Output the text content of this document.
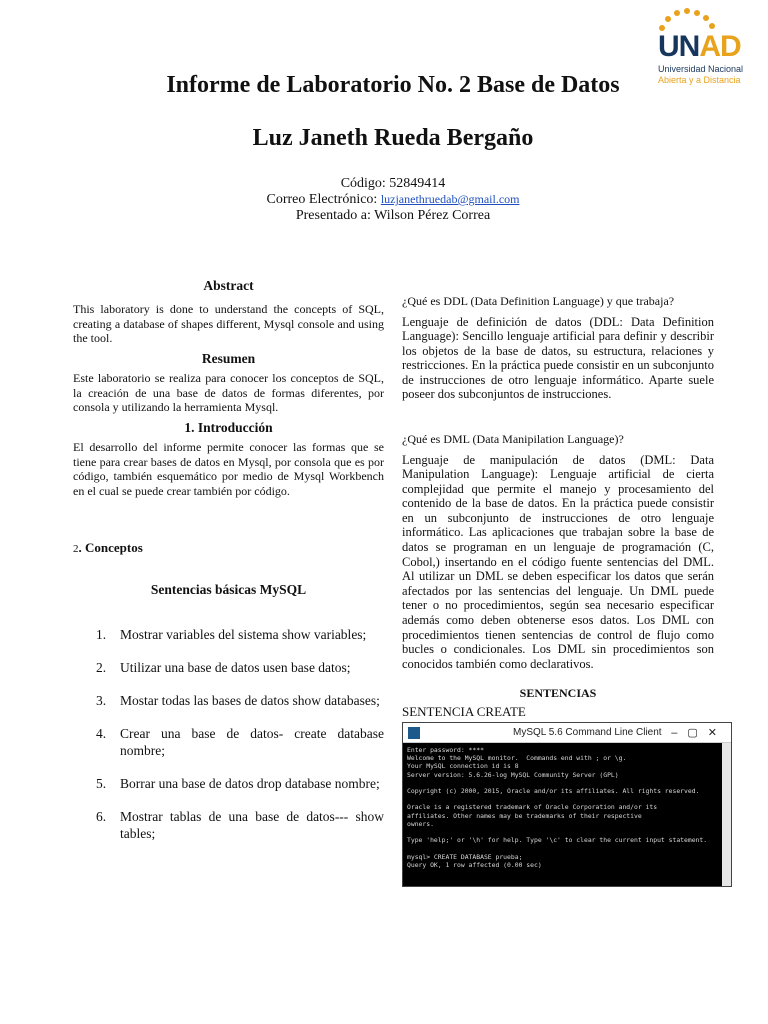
UNAD
Universidad Nacional
Abierta y a Distancia
Informe de Laboratorio No. 2 Base de Datos
Luz Janeth Rueda Bergaño
Código: 52849414
Correo Electrónico: luzjanethruedab@gmail.com
Presentado a: Wilson Pérez Correa
Abstract
This laboratory is done to understand the concepts of SQL, creating a database of shapes different, Mysql console and using the tool.
Resumen
Este laboratorio se realiza para conocer los conceptos de SQL, la creación de una base de datos de formas diferentes, por consola y utilizando la herramienta Mysql.
1. Introducción
El desarrollo del informe permite conocer las formas que se tiene para crear bases de datos en Mysql, por consola que es por código, también esquemático por medio de Mysql Workbench en el cual se puede crear también por código.
2. Conceptos
Sentencias básicas MySQL
1. Mostrar variables del sistema show variables;
2. Utilizar una base de datos usen base datos;
3. Mostar todas las bases de datos show databases;
4. Crear una base de datos- create database nombre;
5. Borrar una base de datos drop database nombre;
6. Mostrar tablas de una base de datos--- show tables;
¿Qué es DDL (Data Definition Language) y que trabaja?
Lenguaje de definición de datos (DDL: Data Definition Language): Sencillo lenguaje artificial para definir y describir los objetos de la base de datos, su estructura, relaciones y restricciones. En la práctica puede consistir en un subconjunto de instrucciones de otro lenguaje informático. Aparte suele poseer dos subconjuntos de instrucciones.
¿Qué es DML (Data Manipilation Language)?
Lenguaje de manipulación de datos (DML: Data Manipulation Language): Lenguaje artificial de cierta complejidad que permite el manejo y procesamiento del contenido de la base de datos. En la práctica puede consistir en un subconjunto de instrucciones de otro lenguaje informático. Las aplicaciones que trabajan sobre la base de datos se programan en un lenguaje de programación (C, Cobol,) insertando en el código fuente sentencias del DML. Al utilizar un DML se deben especificar los datos que serán afectados por las sentencias del lenguaje. Un DML puede tener o no procedimientos, según sea necesario especificar además como deben obtenerse esos datos. Los DML con procedimientos tienen sentencias de control de flujo como bucles o condicionales. Los DML sin procedimientos son conocidos también como declarativos.
SENTENCIAS
SENTENCIA CREATE
MySQL 5.6 Command Line Client –▢✕
Enter password: ****
Welcome to the MySQL monitor.  Commands end with ; or \g.
Your MySQL connection id is 8
Server version: 5.6.26-log MySQL Community Server (GPL)

Copyright (c) 2000, 2015, Oracle and/or its affiliates. All rights reserved.

Oracle is a registered trademark of Oracle Corporation and/or its
affiliates. Other names may be trademarks of their respective
owners.

Type 'help;' or '\h' for help. Type '\c' to clear the current input statement.

mysql> CREATE DATABASE prueba;
Query OK, 1 row affected (0.00 sec)
